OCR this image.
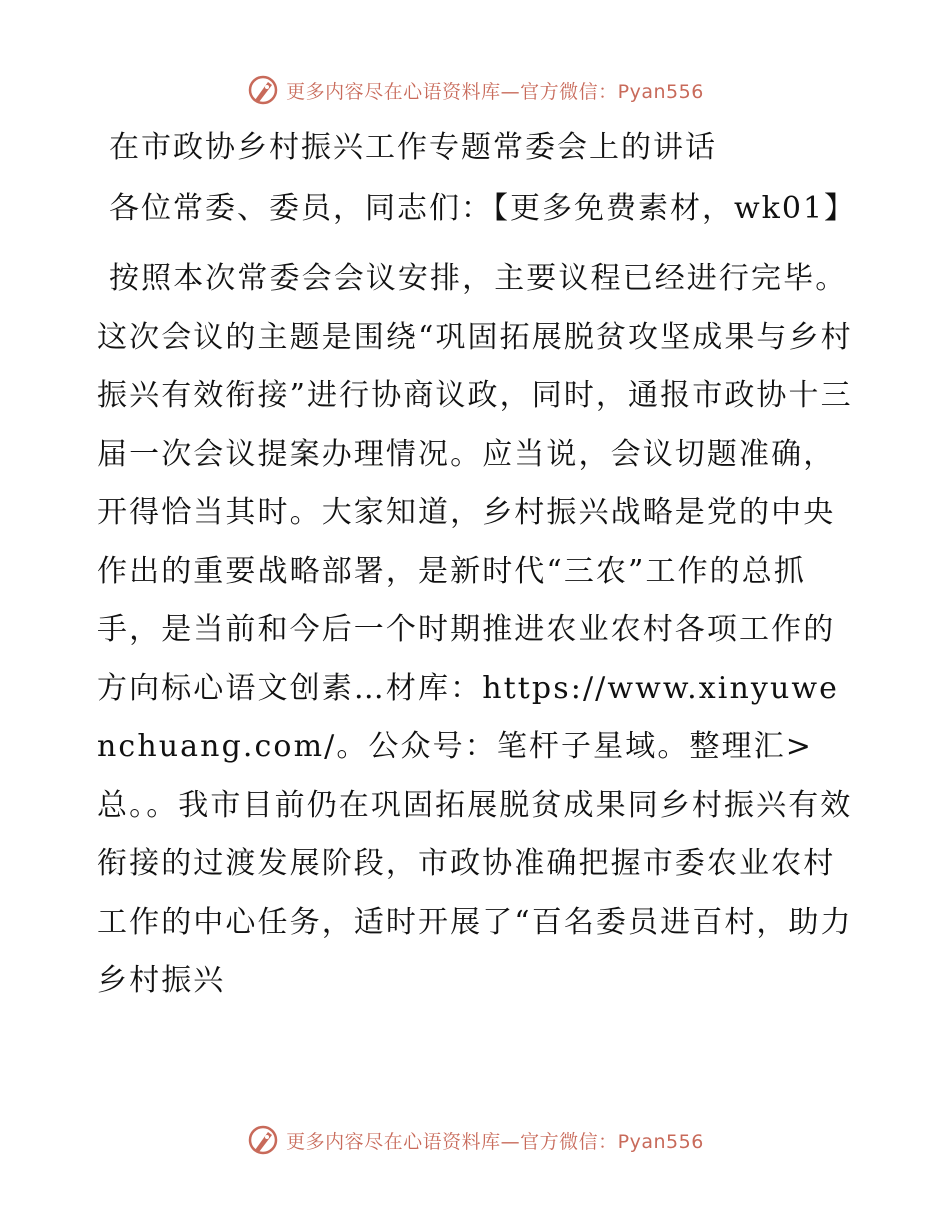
更多内容尽在心语资料库—官方微信：Pyan556
在市政协乡村振兴工作专题常委会上的讲话

各位常委、委员，同志们：【更多免费素材，wk01】

按照本次常委会会议安排，主要议程已经进行完毕。这次会议的主题是围绕“巩固拓展脱贫攻坚成果与乡村振兴有效衔接”进行协商议政，同时，通报市政协十三届一次会议提案办理情况。应当说，会议切题准确，开得恰当其时。大家知道，乡村振兴战略是党的中央作出的重要战略部署，是新时代“三农”工作的总抓手，是当前和今后一个时期推进农业农村各项工作的方向标心语文创素…材库：https://www.xinyuwenchuang.com/。公众号：笔杆子星域。整理汇>总。。我市目前仍在巩固拓展脱贫成果同乡村振兴有效衔接的过渡发展阶段，市政协准确把握市委农业农村工作的中心任务，适时开展了“百名委员进百村，助力乡村振兴

更多内容尽在心语资料库—官方微信：Pyan556
